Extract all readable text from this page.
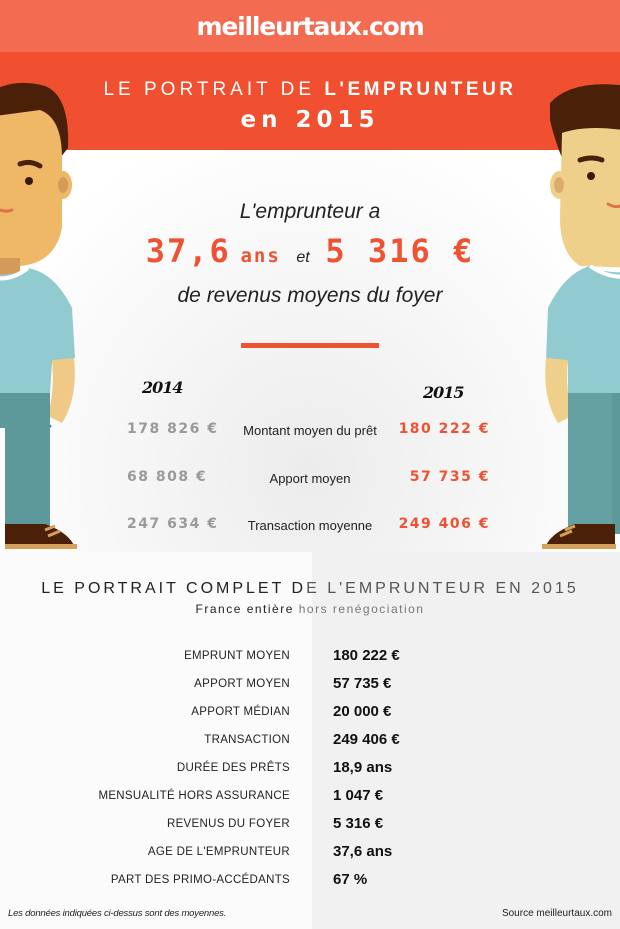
meilleurtaux.com
LE PORTRAIT DE L'EMPRUNTEUR
en 2015
L'emprunteur a
37,6 ans et 5 316 €
de revenus moyens du foyer
2014	2015
178 826 €	Montant moyen du prêt	180 222 €
68 808 €	Apport moyen	57 735 €
247 634 €	Transaction moyenne	249 406 €
LE PORTRAIT COMPLET DE L'EMPRUNTEUR EN 2015
France entière hors renégociation
EMPRUNT MOYEN	180 222 €
APPORT MOYEN	57 735 €
APPORT MÉDIAN	20 000 €
TRANSACTION	249 406 €
DURÉE DES PRÊTS	18,9 ans
MENSUALITÉ HORS ASSURANCE	1 047 €
REVENUS DU FOYER	5 316 €
AGE DE L'EMPRUNTEUR	37,6 ans
PART DES PRIMO-ACCÉDANTS	67 %
Les données indiquées ci-dessus sont des moyennes.	Source meilleurtaux.com
